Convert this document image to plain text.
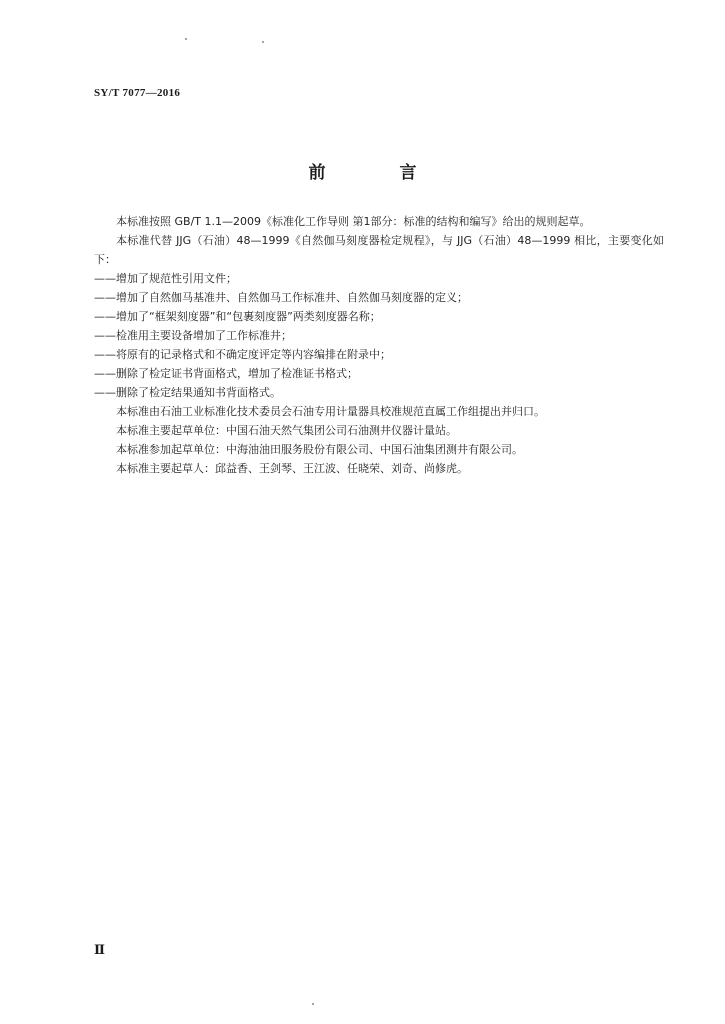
SY/T 7077—2016
前 言

本标准按照 GB/T 1.1—2009《标准化工作导则 第1部分：标准的结构和编写》给出的规则起草。

本标准代替 JJG（石油）48—1999《自然伽马刻度器检定规程》，与 JJG（石油）48—1999 相比，主要变化如下：

——增加了规范性引用文件；

——增加了自然伽马基准井、自然伽马工作标准井、自然伽马刻度器的定义；

——增加了“框架刻度器”和“包裹刻度器”两类刻度器名称；

——检准用主要设备增加了工作标准井；

——将原有的记录格式和不确定度评定等内容编排在附录中；

——删除了检定证书背面格式，增加了检准证书格式；

——删除了检定结果通知书背面格式。

本标准由石油工业标准化技术委员会石油专用计量器具校准规范直属工作组提出并归口。

本标准主要起草单位：中国石油天然气集团公司石油测井仪器计量站。

本标准参加起草单位：中海油油田服务股份有限公司、中国石油集团测井有限公司。

本标准主要起草人：邱益香、王剑琴、王江波、任晓荣、刘奇、尚修虎。

Ⅱ
